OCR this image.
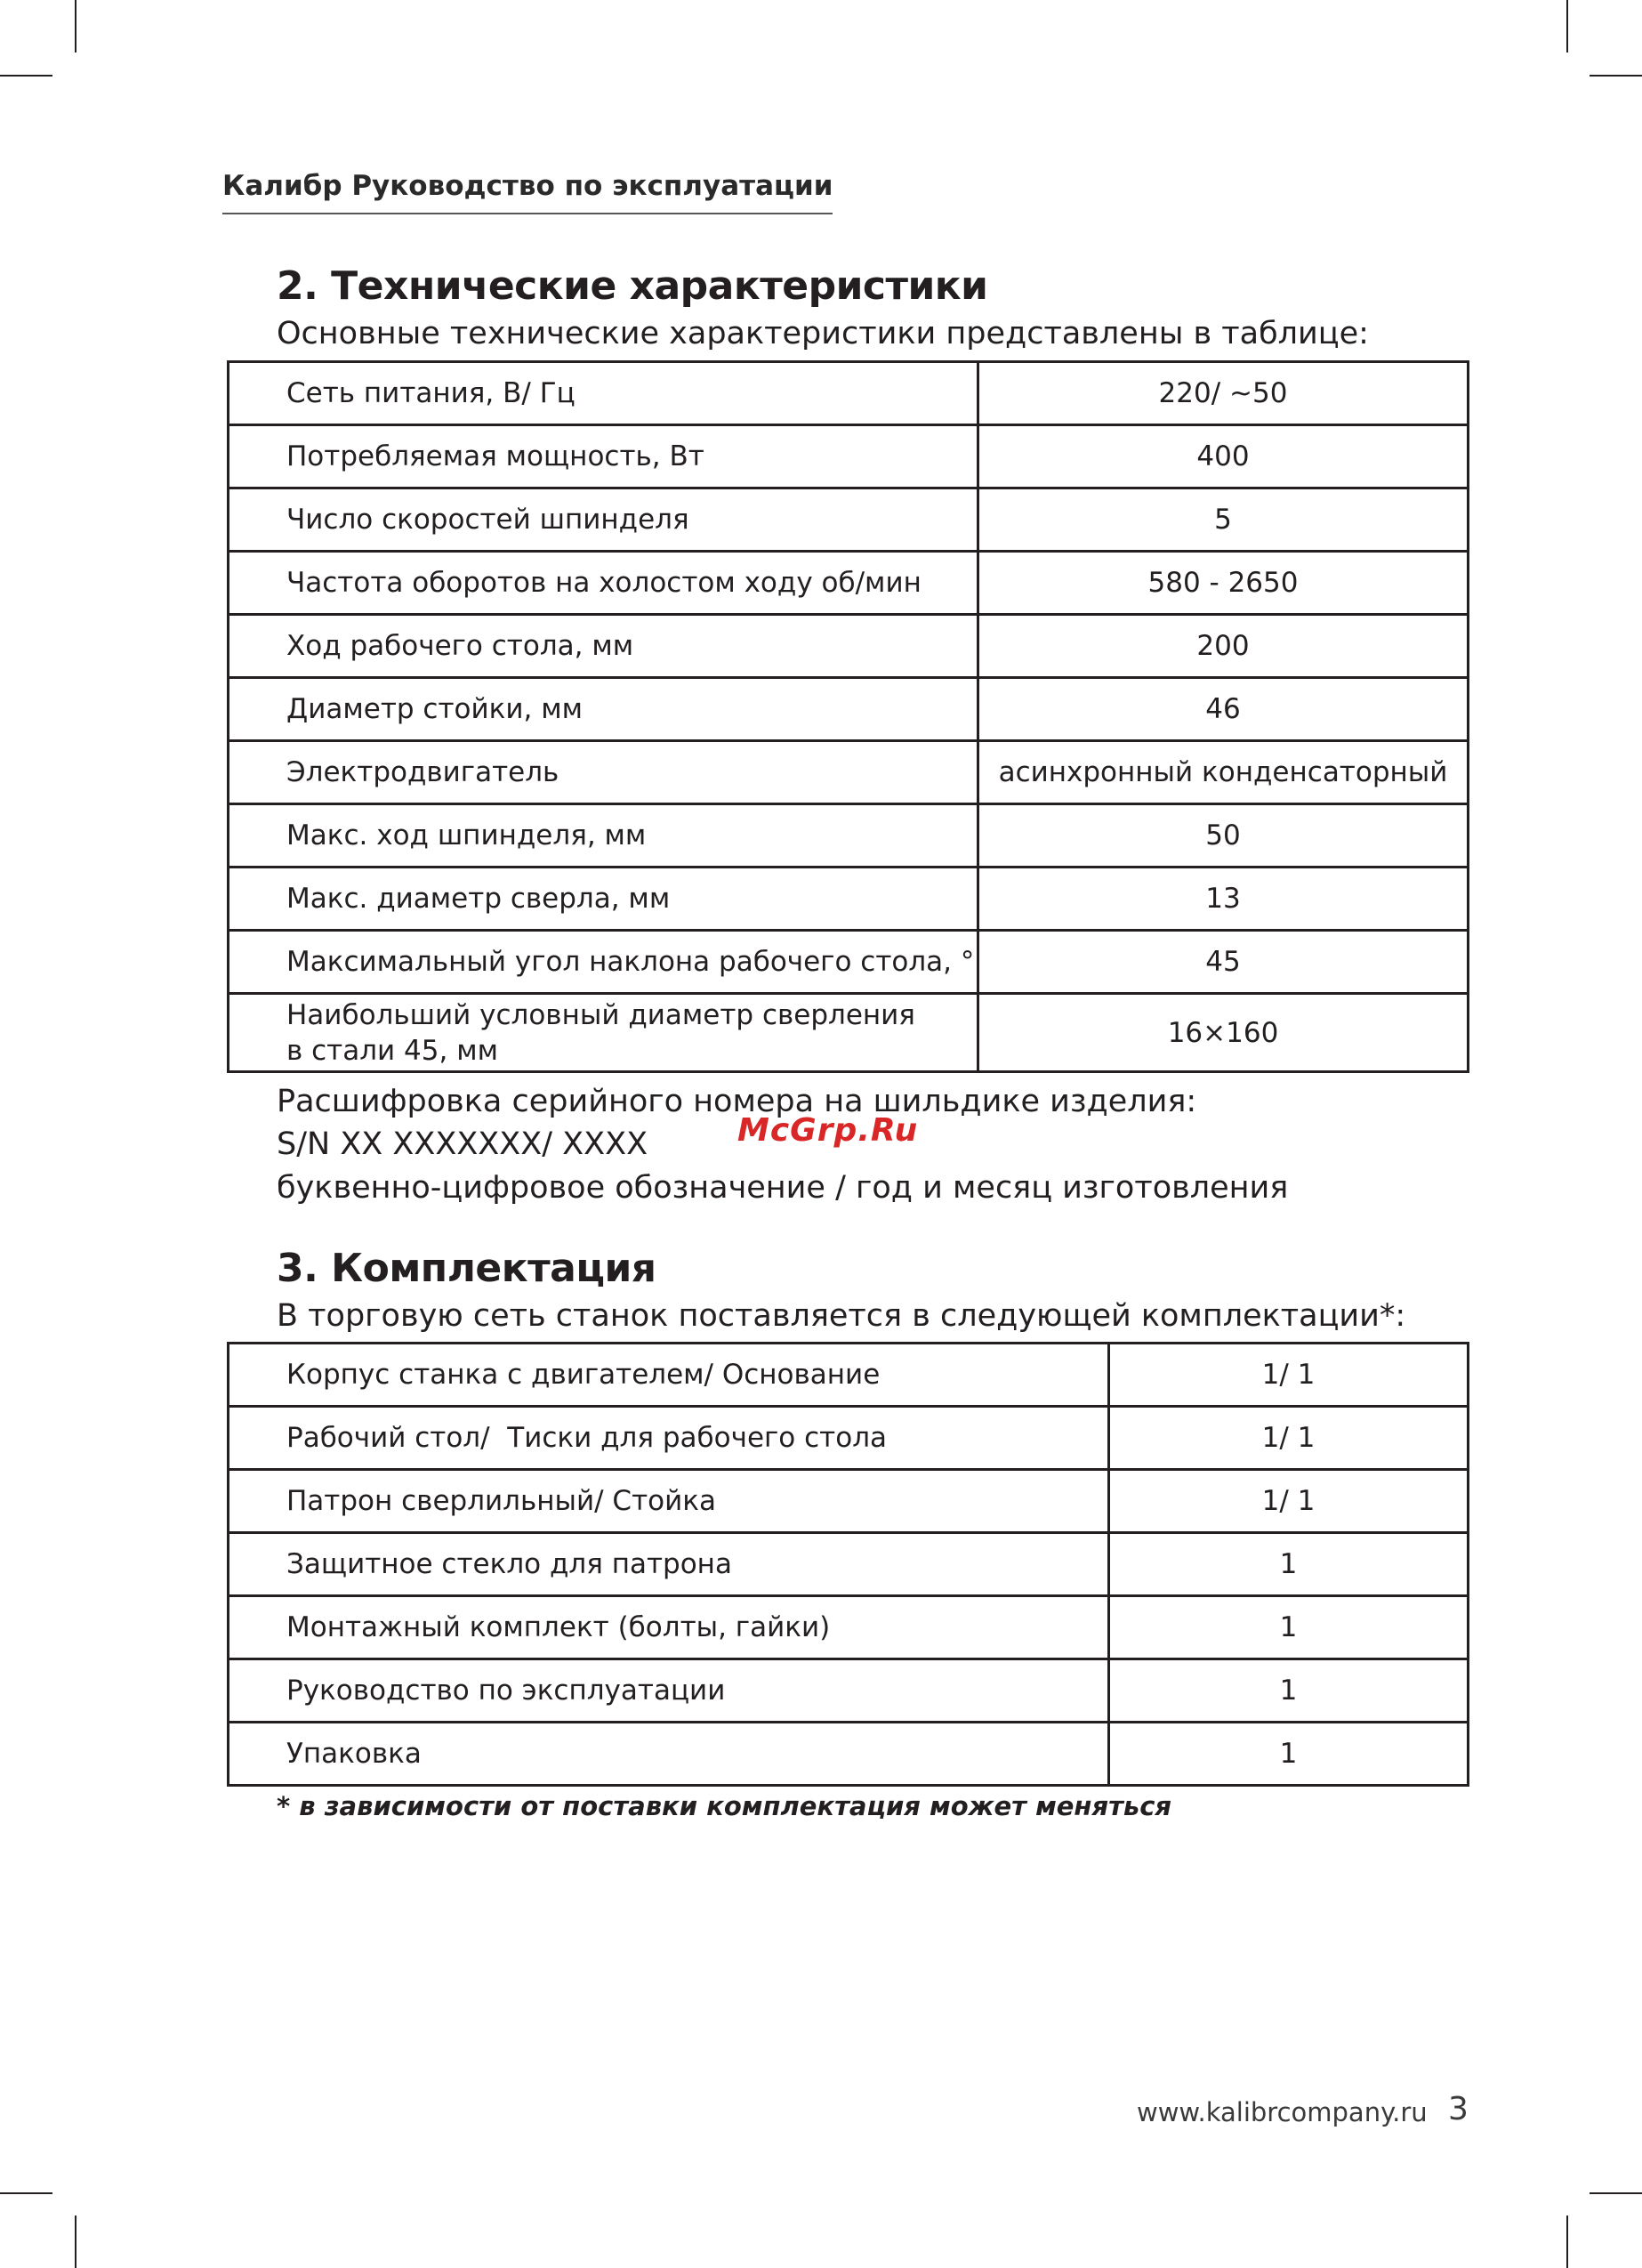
Калибр Руководство по эксплуатации
2. Технические характеристики
Основные технические характеристики представлены в таблице:
Сеть питания, В/ Гц	220/ ~50
Потребляемая мощность, Вт	400
Число скоростей шпинделя	5
Частота оборотов на холостом ходу об/мин	580 - 2650
Ход рабочего стола, мм	200
Диаметр стойки, мм	46
Электродвигатель	асинхронный конденсаторный
Макс. ход шпинделя, мм	50
Макс. диаметр сверла, мм	13
Максимальный угол наклона рабочего стола, °	45

Наибольший условный диаметр сверления
в стали 45, мм	16×160
Расшифровка серийного номера на шильдике изделия:
S/N XX XXXXXXX/ XXXX
буквенно-цифровое обозначение / год и месяц изготовления
McGrp.Ru
3. Комплектация
В торговую сеть станок поставляется в следующей комплектации*:
Корпус станка с двигателем/ Основание	1/ 1
Рабочий стол/  Тиски для рабочего стола	1/ 1
Патрон сверлильный/ Стойка	1/ 1
Защитное стекло для патрона	1
Монтажный комплект (болты, гайки)	1
Руководство по эксплуатации	1
Упаковка	1
* в зависимости от поставки комплектация может меняться
www.kalibrcompany.ru 3
